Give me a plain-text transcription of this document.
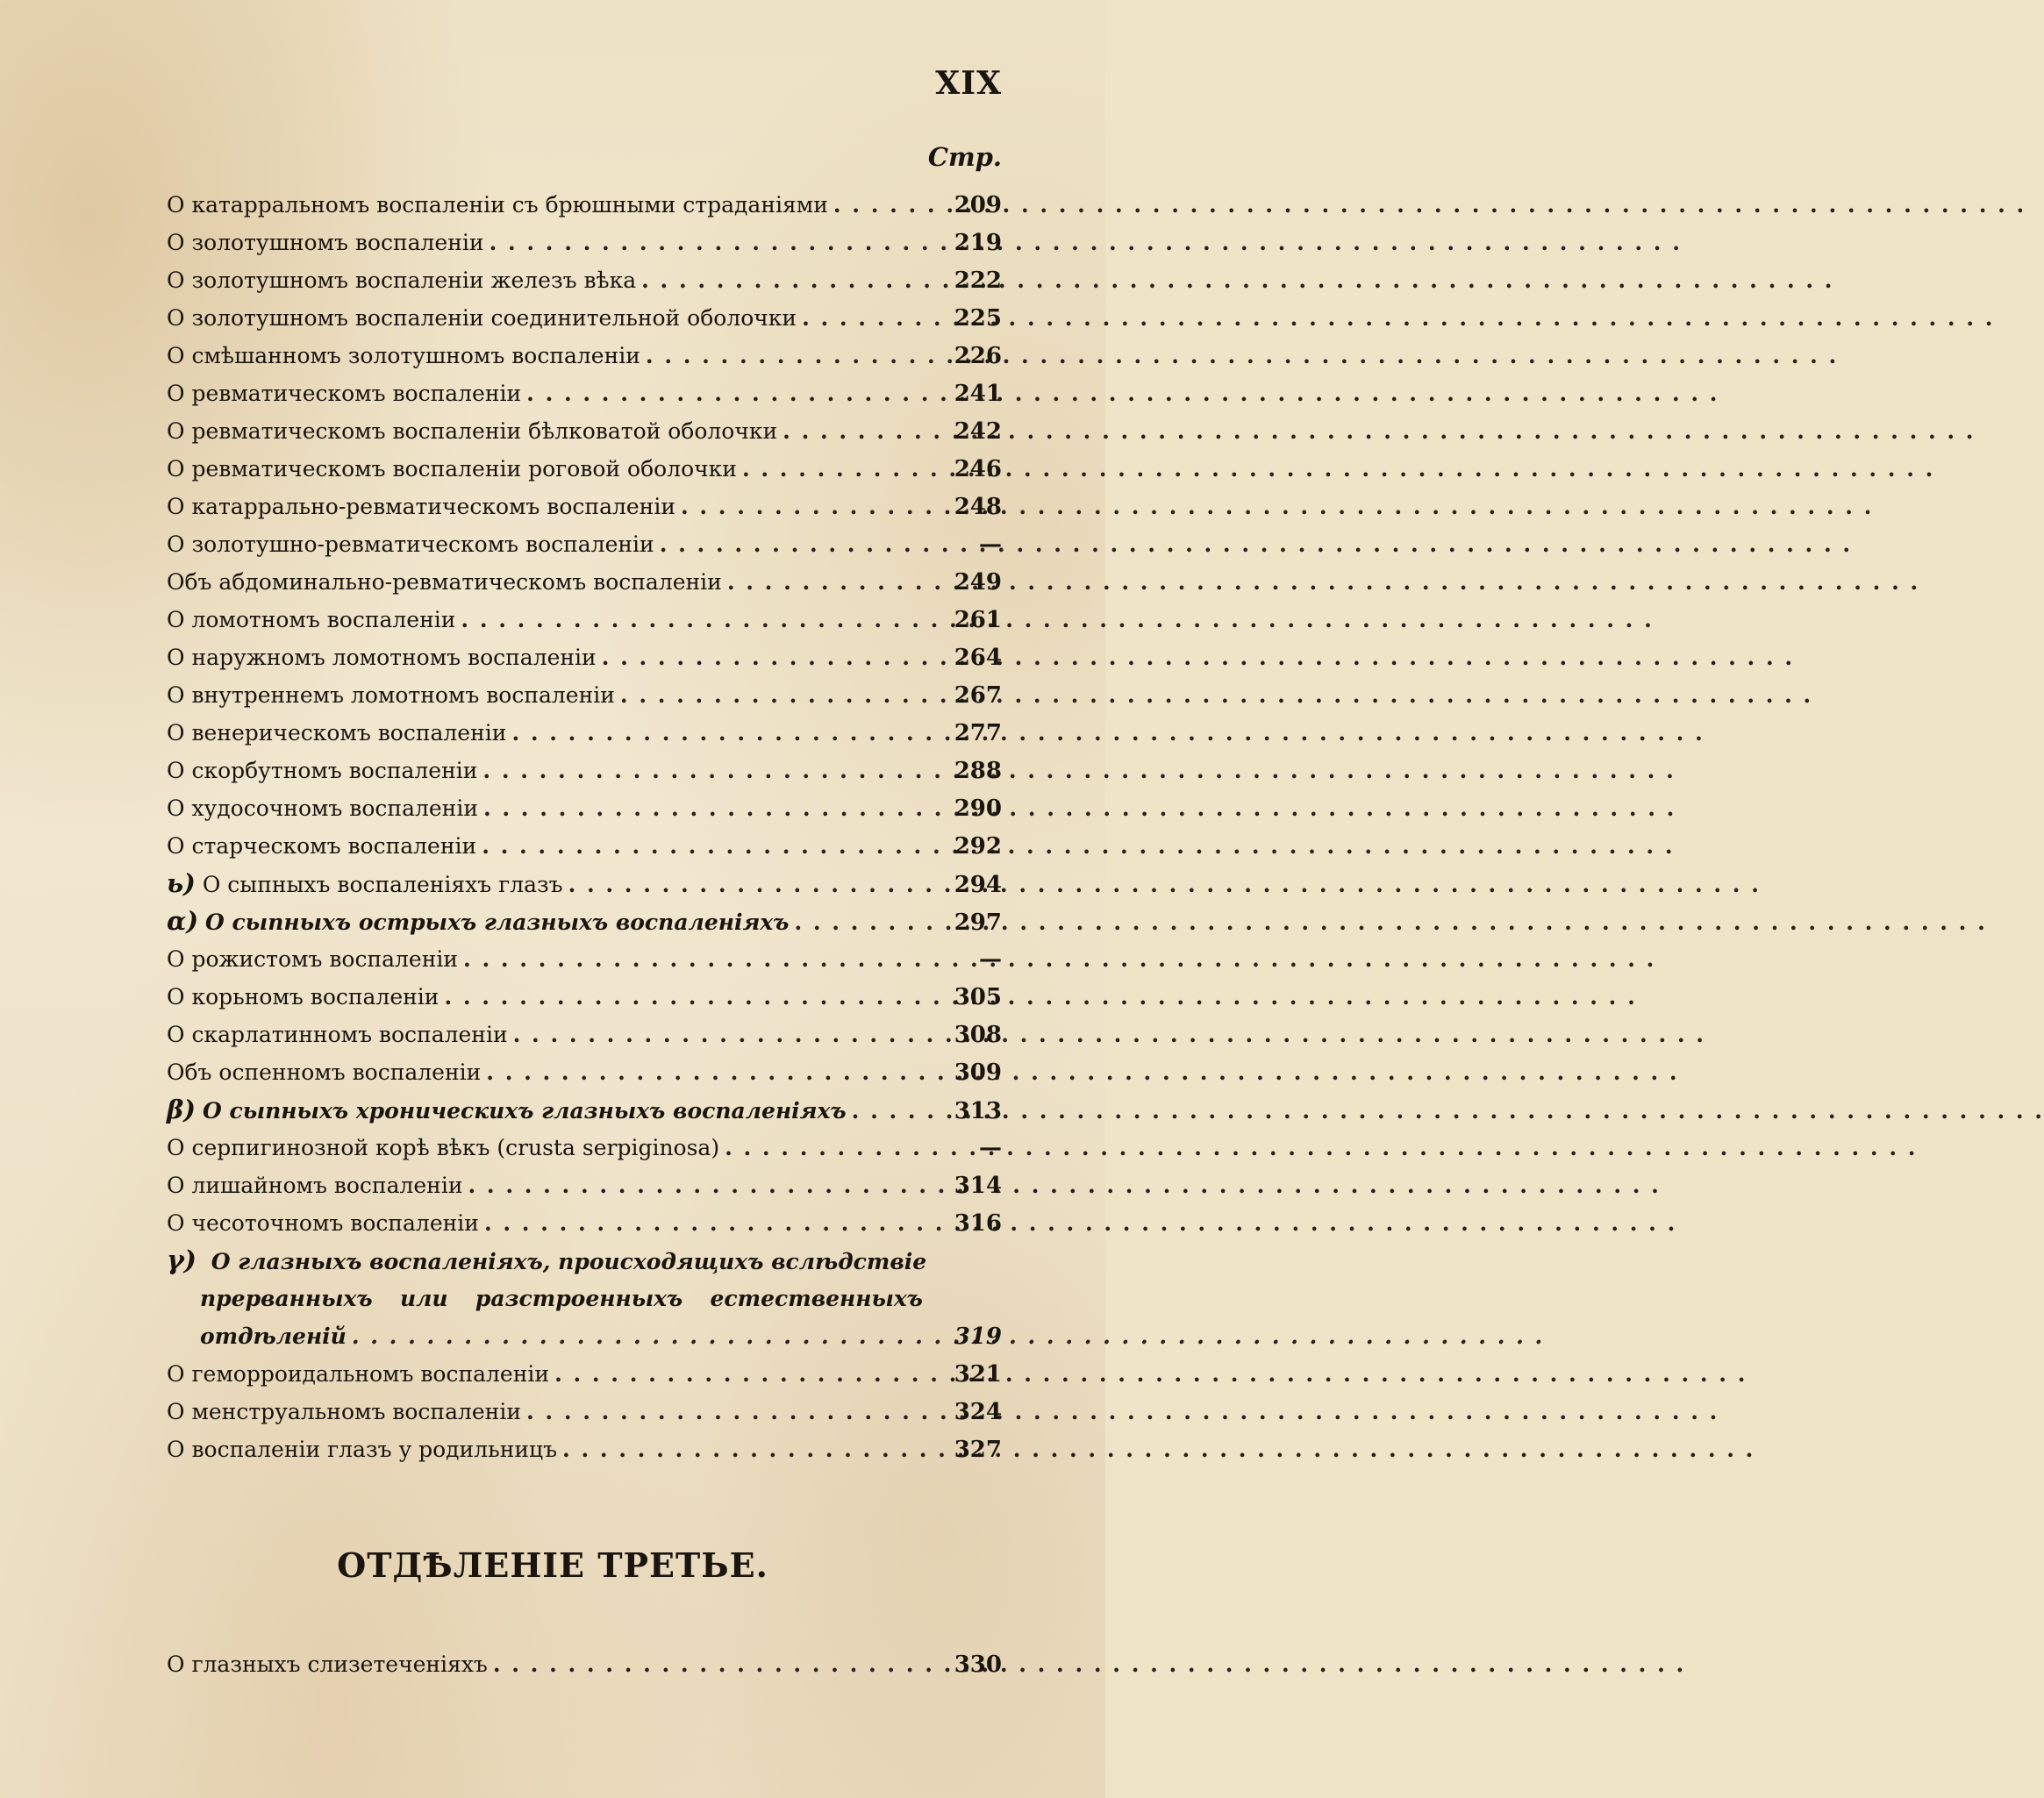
XIX
Стр.
О катарральномъ воспаленіи съ брюшными страданіями . . .	209
О золотушномъ воспаленіи . . .	219
О золотушномъ воспаленіи железъ вѣка . . .	222
О золотушномъ воспаленіи соединительной оболочки . . .	225
О смѣшанномъ золотушномъ воспаленіи . . .	226
О ревматическомъ воспаленіи . . .	241
О ревматическомъ воспаленіи бѣлковатой оболочки . . .	242
О ревматическомъ воспаленіи роговой оболочки . . .	246
О катаррально-ревматическомъ воспаленіи . . .	248
О золотушно-ревматическомъ воспаленіи . . .	—
Объ абдоминально-ревматическомъ воспаленіи . . .	249
О ломотномъ воспаленіи . . .	261
О наружномъ ломотномъ воспаленіи . . .	264
О внутреннемъ ломотномъ воспаленіи . . .	267
О венерическомъ воспаленіи . . .	277
О скорбутномъ воспаленіи . . .	288
О худосочномъ воспаленіи . . .	290
О старческомъ воспаленіи . . .	292
ь) О сыпныхъ воспаленіяхъ глазъ . . .	294
α) О сыпныхъ острыхъ глазныхъ воспаленіяхъ . . .	297
О рожистомъ воспаленіи . . .	—
О корьномъ воспаленіи . . .	305
О скарлатинномъ воспаленіи . . .	308
Объ оспенномъ воспаленіи . . .	309
β) О сыпныхъ хроническихъ глазныхъ воспаленіяхъ . . .	313
О серпигинозной корѣ вѣкъ (crusta serpiginosa) . . .	—
О лишайномъ воспаленіи . . .	314
О чесоточномъ воспаленіи . . .	316
γ) О глазныхъ воспаленіяхъ, происходящихъ вслѣдствіе
прерванныхъ или разстроенныхъ естественныхъ
отдѣленій . . .	319
О геморроидальномъ воспаленіи . . .	321
О менструальномъ воспаленіи . . .	324
О воспаленіи глазъ у родильницъ . . .	327
ОТДѢЛЕНІЕ ТРЕТЬЕ.
О глазныхъ слизетеченіяхъ . . .	330
